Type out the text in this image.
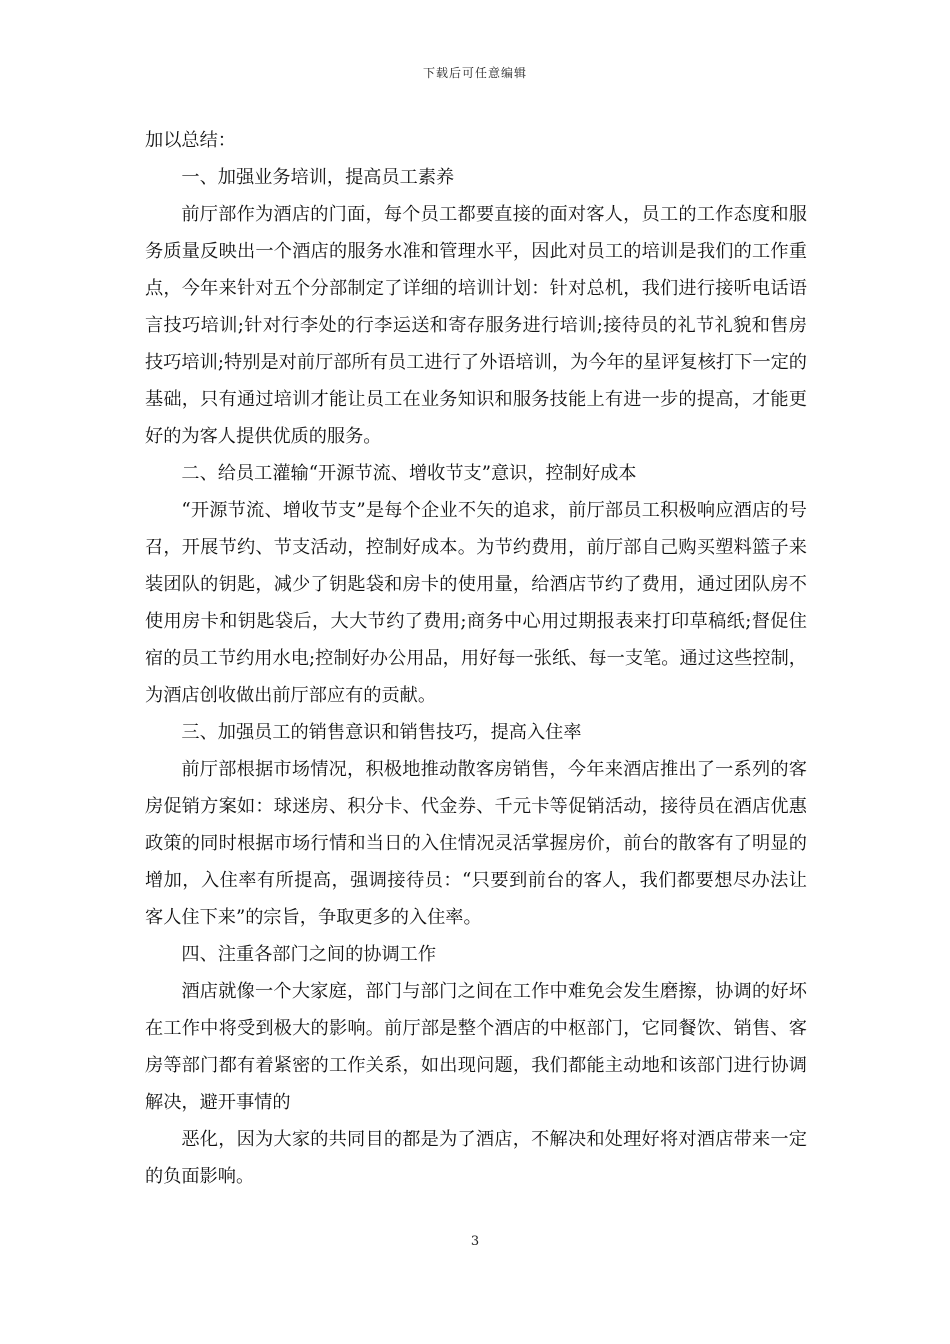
下载后可任意编辑

加以总结：

一、加强业务培训，提高员工素养

前厅部作为酒店的门面，每个员工都要直接的面对客人，员工的工作态度和服务质量反映出一个酒店的服务水准和管理水平，因此对员工的培训是我们的工作重点，今年来针对五个分部制定了详细的培训计划：针对总机，我们进行接听电话语言技巧培训;针对行李处的行李运送和寄存服务进行培训;接待员的礼节礼貌和售房技巧培训;特别是对前厅部所有员工进行了外语培训，为今年的星评复核打下一定的基础，只有通过培训才能让员工在业务知识和服务技能上有进一步的提高，才能更好的为客人提供优质的服务。

二、给员工灌输“开源节流、增收节支”意识，控制好成本

“开源节流、增收节支”是每个企业不矢的追求，前厅部员工积极响应酒店的号召，开展节约、节支活动，控制好成本。为节约费用，前厅部自己购买塑料篮子来装团队的钥匙，减少了钥匙袋和房卡的使用量，给酒店节约了费用，通过团队房不使用房卡和钥匙袋后，大大节约了费用;商务中心用过期报表来打印草稿纸;督促住宿的员工节约用水电;控制好办公用品，用好每一张纸、每一支笔。通过这些控制，为酒店创收做出前厅部应有的贡献。

三、加强员工的销售意识和销售技巧，提高入住率

前厅部根据市场情况，积极地推动散客房销售，今年来酒店推出了一系列的客房促销方案如：球迷房、积分卡、代金券、千元卡等促销活动，接待员在酒店优惠政策的同时根据市场行情和当日的入住情况灵活掌握房价，前台的散客有了明显的增加，入住率有所提高，强调接待员：“只要到前台的客人，我们都要想尽办法让客人住下来”的宗旨，争取更多的入住率。

四、注重各部门之间的协调工作

酒店就像一个大家庭，部门与部门之间在工作中难免会发生磨擦，协调的好坏在工作中将受到极大的影响。前厅部是整个酒店的中枢部门，它同餐饮、销售、客房等部门都有着紧密的工作关系，如出现问题，我们都能主动地和该部门进行协调解决，避开事情的

恶化，因为大家的共同目的都是为了酒店，不解决和处理好将对酒店带来一定的负面影响。

3
